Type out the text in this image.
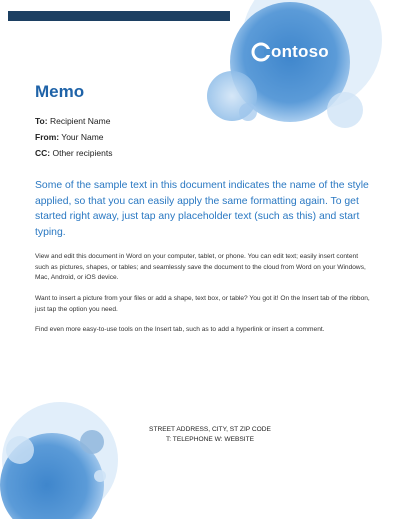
ontoso
Memo
To: Recipient Name
From: Your Name
CC: Other recipients
Some of the sample text in this document indicates the name of the style applied, so that you can easily apply the same formatting again. To get started right away, just tap any placeholder text (such as this) and start typing.
View and edit this document in Word on your computer, tablet, or phone. You can edit text; easily insert content such as pictures, shapes, or tables; and seamlessly save the document to the cloud from Word on your Windows, Mac, Android, or iOS device.
Want to insert a picture from your files or add a shape, text box, or table? You got it! On the Insert tab of the ribbon, just tap the option you need.
Find even more easy-to-use tools on the Insert tab, such as to add a hyperlink or insert a comment.
STREET ADDRESS, CITY, ST ZIP CODE
T: TELEPHONE W: WEBSITE
